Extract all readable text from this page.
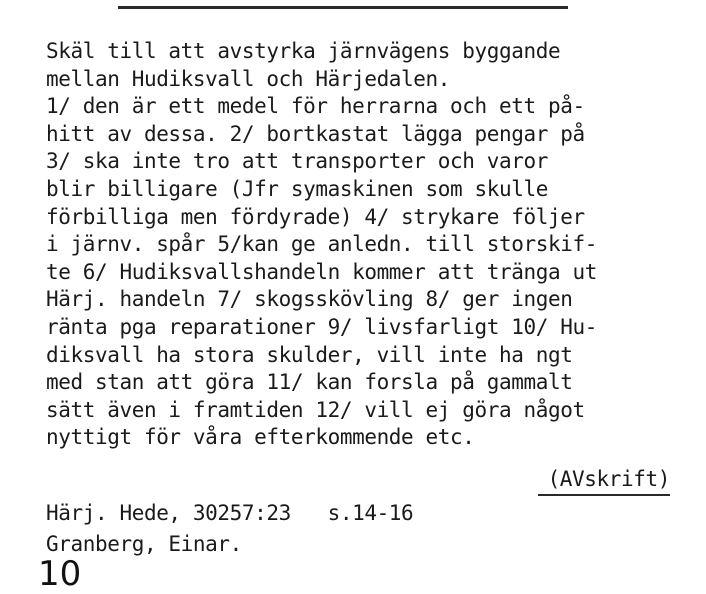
Skäl till att avstyrka järnvägens byggande
mellan Hudiksvall och Härjedalen.
1/ den är ett medel för herrarna och ett på-
hitt av dessa. 2/ bortkastat lägga pengar på
3/ ska inte tro att transporter och varor
blir billigare (Jfr symaskinen som skulle
förbilliga men fördyrade) 4/ strykare följer
i järnv. spår 5/kan ge anledn. till storskif-
te 6/ Hudiksvallshandeln kommer att tränga ut
Härj. handeln 7/ skogsskövling 8/ ger ingen
ränta pga reparationer 9/ livsfarligt 10/ Hu-
diksvall ha stora skulder, vill inte ha ngt
med stan att göra 11/ kan forsla på gammalt
sätt även i framtiden 12/ vill ej göra något
nyttigt för våra efterkommende etc.
(AVskrift)
Härj. Hede, 30257:23   s.14-16
Granberg, Einar.
10
